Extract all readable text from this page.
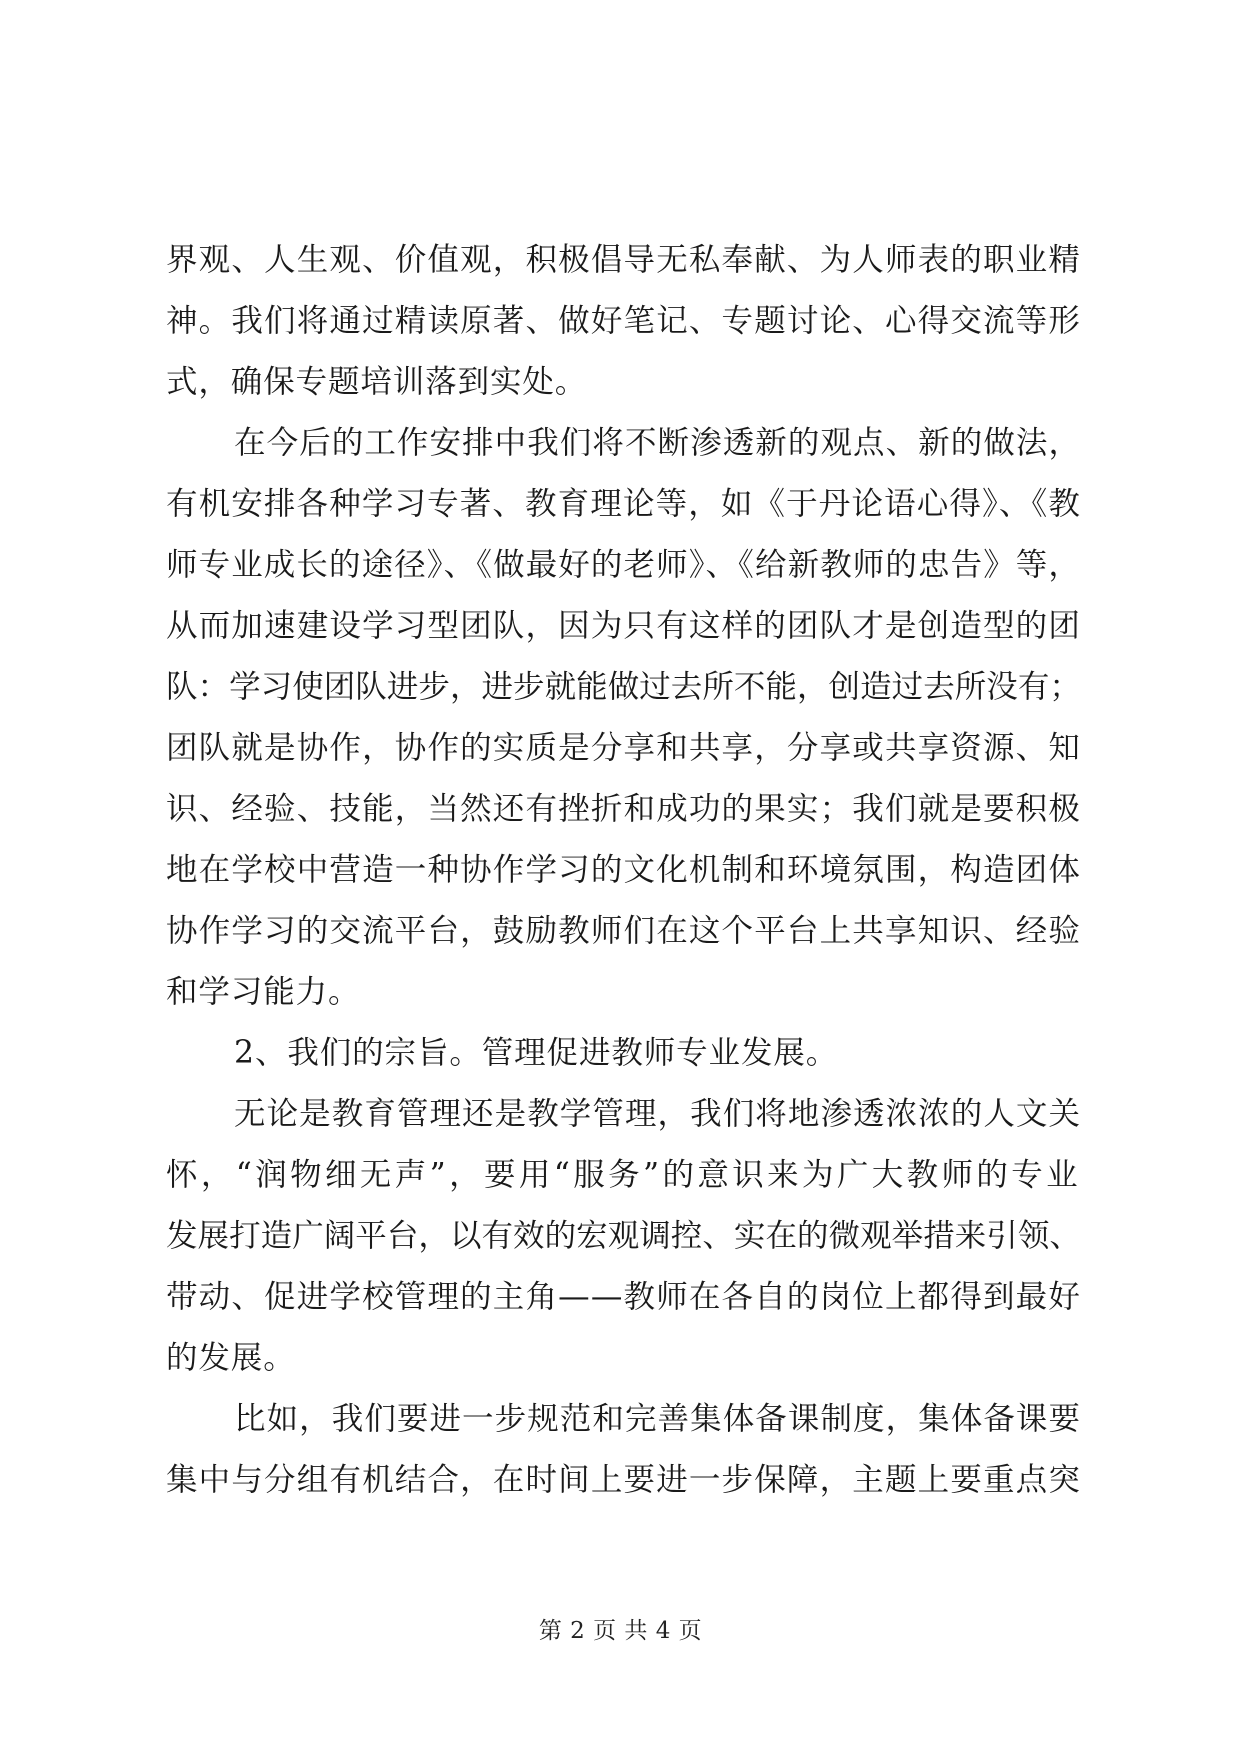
界观、人生观、价值观，积极倡导无私奉献、为人师表的职业精
神。我们将通过精读原著、做好笔记、专题讨论、心得交流等形
式，确保专题培训落到实处。
在今后的工作安排中我们将不断渗透新的观点、新的做法，
有机安排各种学习专著、教育理论等，如《于丹论语心得》、《教
师专业成长的途径》、《做最好的老师》、《给新教师的忠告》等，
从而加速建设学习型团队，因为只有这样的团队才是创造型的团
队：学习使团队进步，进步就能做过去所不能，创造过去所没有；
团队就是协作，协作的实质是分享和共享，分享或共享资源、知
识、经验、技能，当然还有挫折和成功的果实；我们就是要积极
地在学校中营造一种协作学习的文化机制和环境氛围，构造团体
协作学习的交流平台，鼓励教师们在这个平台上共享知识、经验
和学习能力。
2、我们的宗旨。管理促进教师专业发展。
无论是教育管理还是教学管理，我们将地渗透浓浓的人文关
怀，“润物细无声”，要用“服务”的意识来为广大教师的专业
发展打造广阔平台，以有效的宏观调控、实在的微观举措来引领、
带动、促进学校管理的主角——教师在各自的岗位上都得到最好
的发展。
比如，我们要进一步规范和完善集体备课制度，集体备课要
集中与分组有机结合，在时间上要进一步保障，主题上要重点突
第 2 页 共 4 页
